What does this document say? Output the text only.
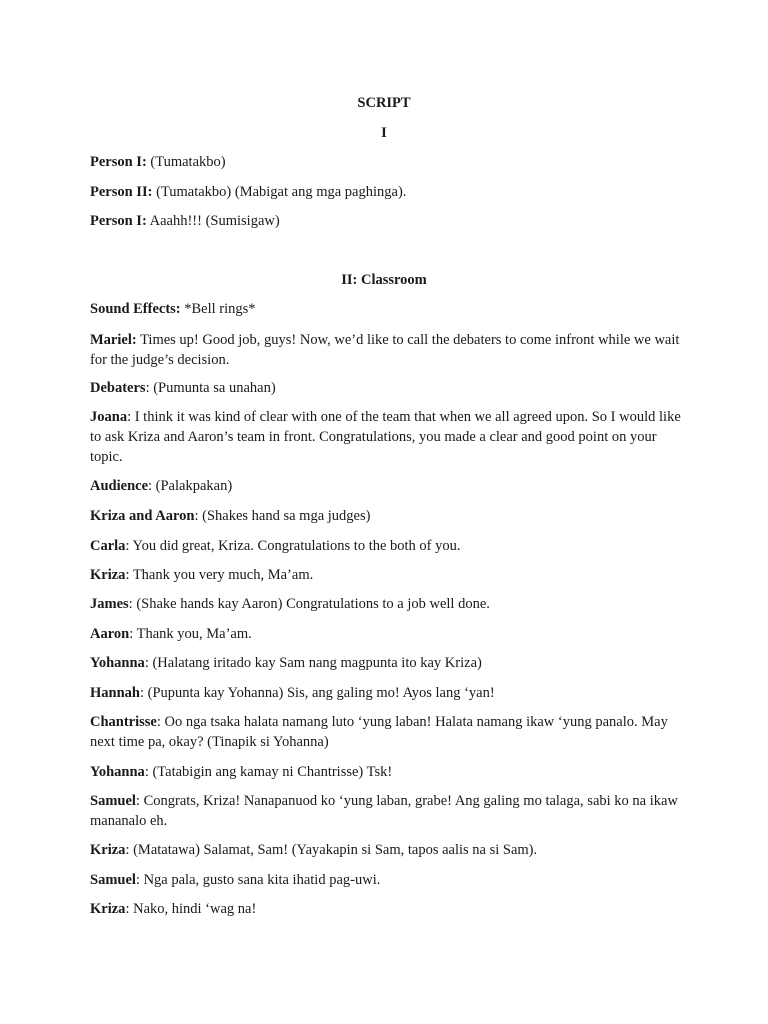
SCRIPT
I
Person I: (Tumatakbo)
Person II: (Tumatakbo) (Mabigat ang mga paghinga).
Person I: Aaahh!!! (Sumisigaw)
II: Classroom
Sound Effects: *Bell rings*
Mariel: Times up! Good job, guys! Now, we’d like to call the debaters to come infront while we wait for the judge’s decision.
Debaters: (Pumunta sa unahan)
Joana: I think it was kind of clear with one of the team that when we all agreed upon. So I would like to ask Kriza and Aaron’s team in front. Congratulations, you made a clear and good point on your topic.
Audience: (Palakpakan)
Kriza and Aaron: (Shakes hand sa mga judges)
Carla: You did great, Kriza. Congratulations to the both of you.
Kriza: Thank you very much, Ma’am.
James: (Shake hands kay Aaron) Congratulations to a job well done.
Aaron: Thank you, Ma’am.
Yohanna: (Halatang iritado kay Sam nang magpunta ito kay Kriza)
Hannah: (Pupunta kay Yohanna) Sis, ang galing mo! Ayos lang ‘yan!
Chantrisse: Oo nga tsaka halata namang luto ‘yung laban! Halata namang ikaw ‘yung panalo. May next time pa, okay? (Tinapik si Yohanna)
Yohanna: (Tatabigin ang kamay ni Chantrisse) Tsk!
Samuel: Congrats, Kriza! Nanapanuod ko ‘yung laban, grabe! Ang galing mo talaga, sabi ko na ikaw mananalo eh.
Kriza: (Matatawa) Salamat, Sam! (Yayakapin si Sam, tapos aalis na si Sam).
Samuel: Nga pala, gusto sana kita ihatid pag-uwi.
Kriza: Nako, hindi ‘wag na!
